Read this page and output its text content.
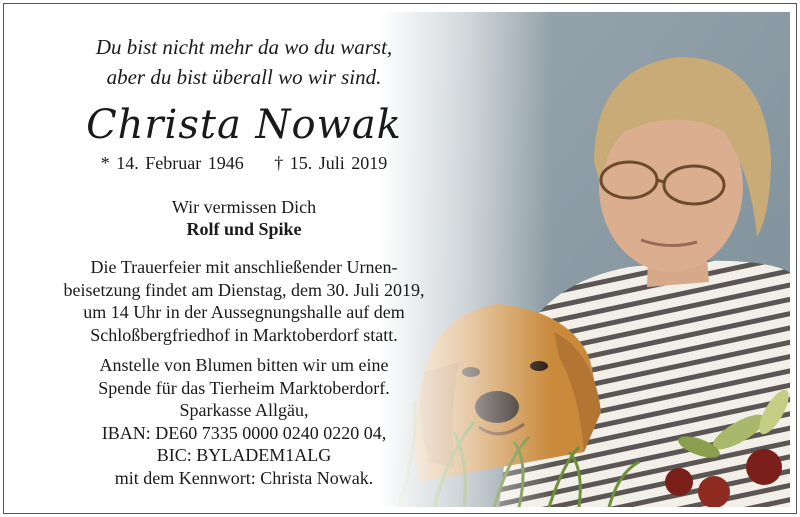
Du bist nicht mehr da wo du warst,
aber du bist überall wo wir sind.
Christa Nowak
* 14. Februar 1946 † 15. Juli 2019
Wir vermissen Dich
Rolf und Spike
Die Trauerfeier mit anschließender Urnen-
beisetzung findet am Dienstag, dem 30. Juli 2019,
um 14 Uhr in der Aussegnungshalle auf dem
Schloßbergfriedhof in Marktoberdorf statt.
Anstelle von Blumen bitten wir um eine
Spende für das Tierheim Marktoberdorf.
Sparkasse Allgäu,
IBAN: DE60 7335 0000 0240 0220 04,
BIC: BYLADEM1ALG
mit dem Kennwort: Christa Nowak.
